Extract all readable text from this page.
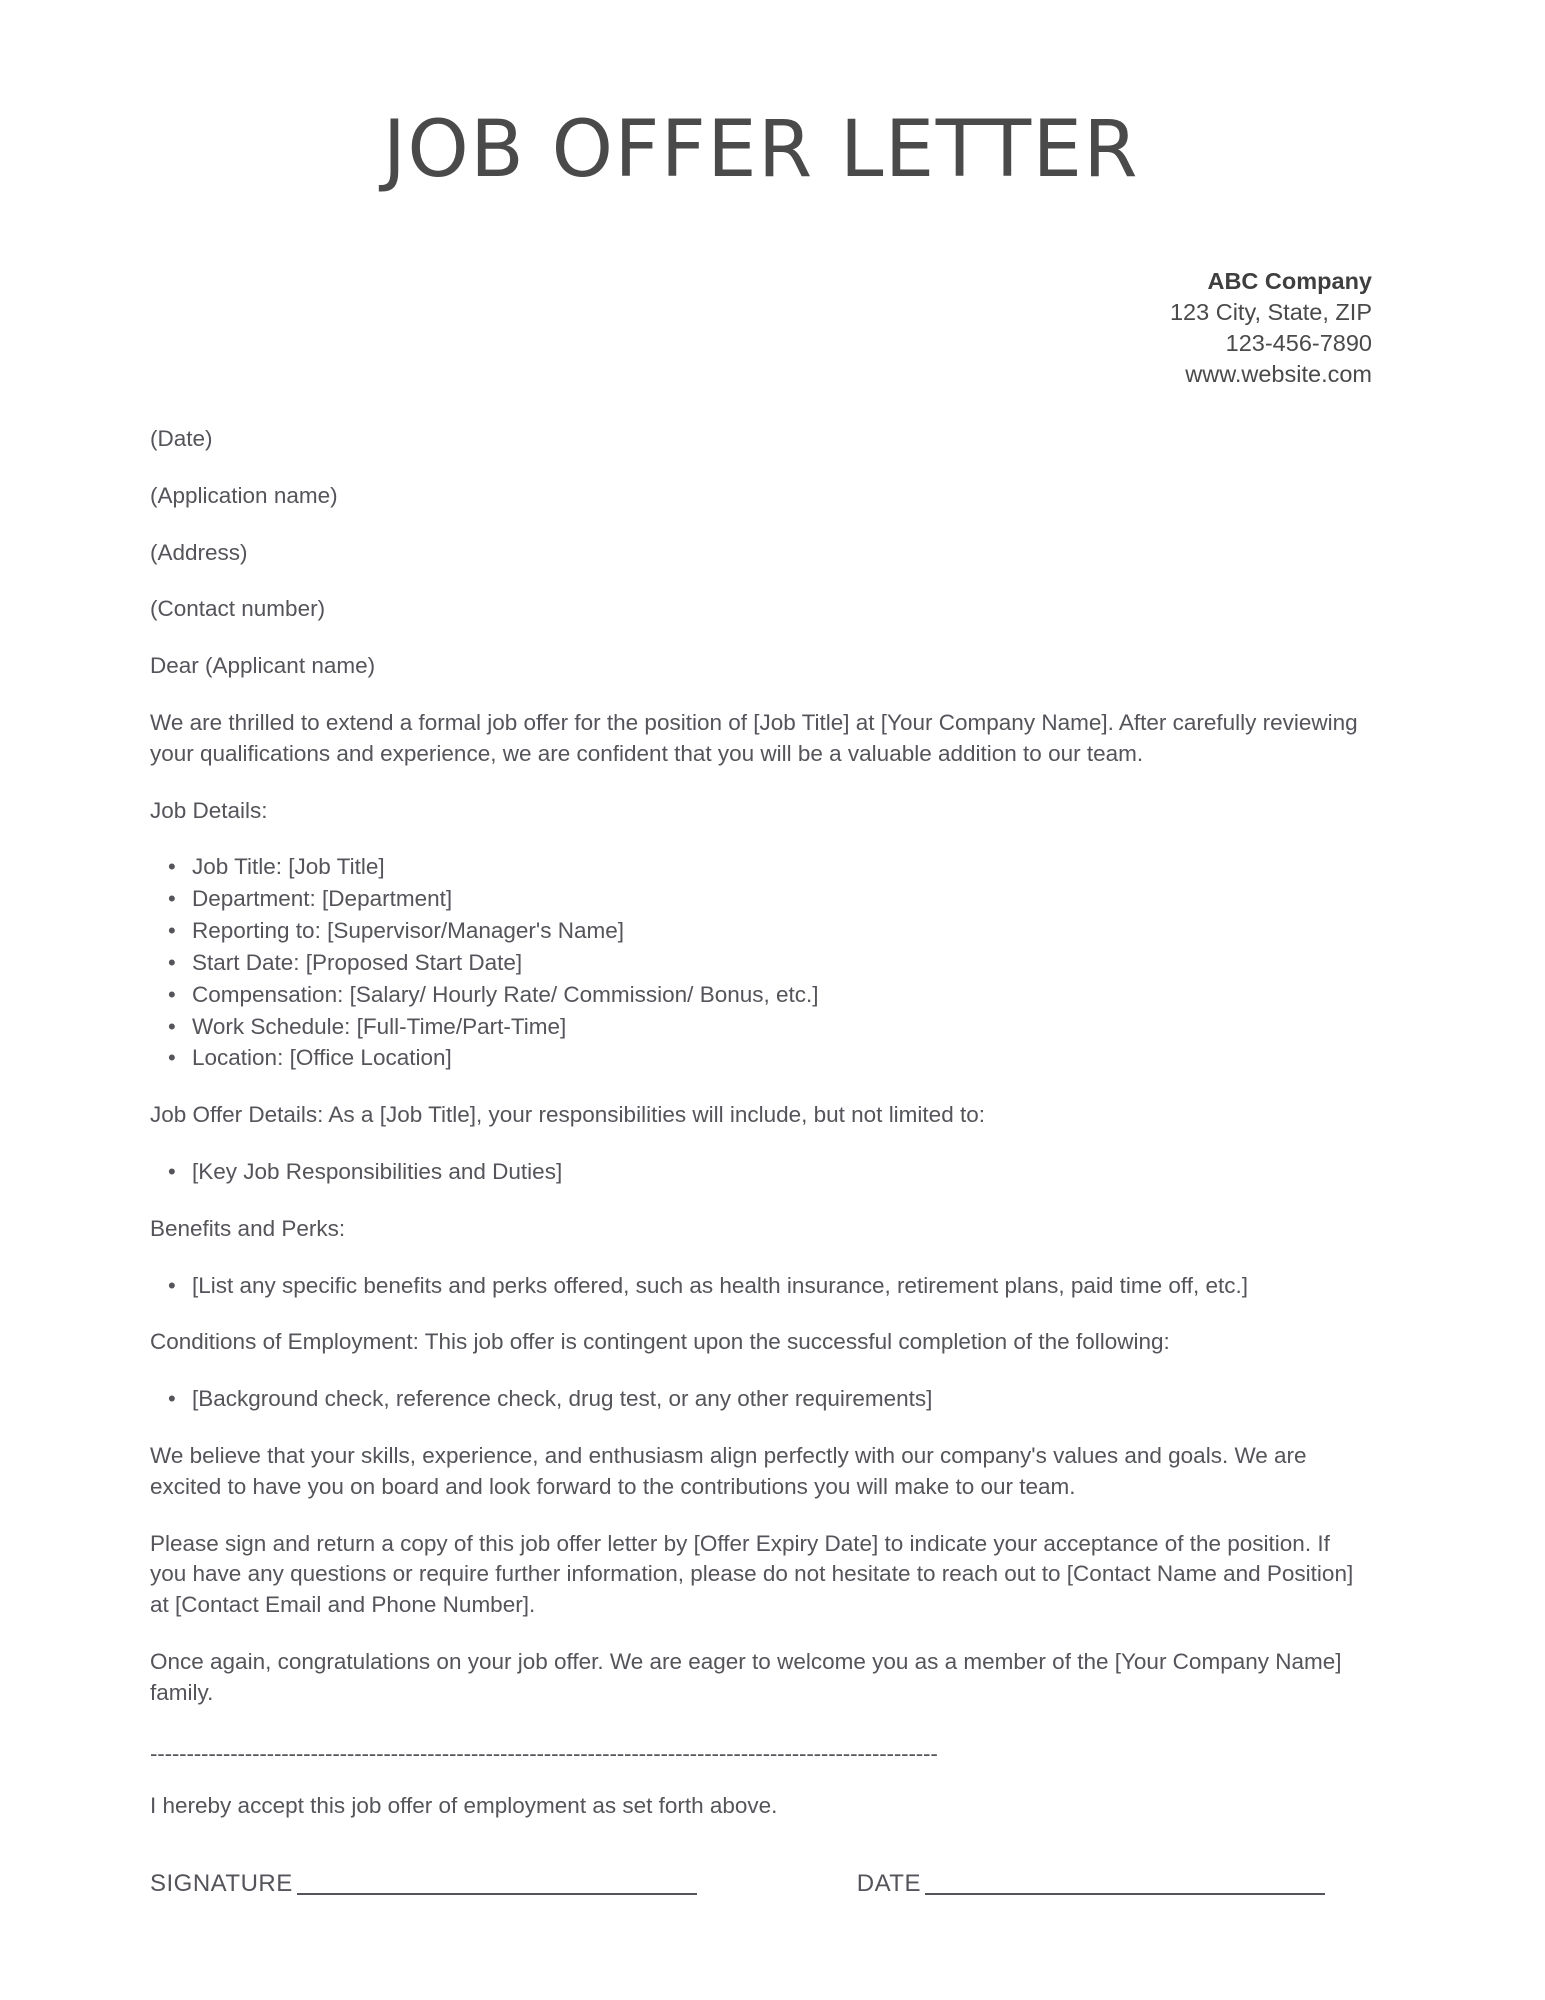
JOB OFFER LETTER
ABC Company
123 City, State, ZIP
123-456-7890
www.website.com

(Date)

(Application name)

(Address)

(Contact number)

Dear (Applicant name)

We are thrilled to extend a formal job offer for the position of [Job Title] at [Your Company Name]. After carefully reviewing your qualifications and experience, we are confident that you will be a valuable addition to our team.

Job Details:

• Job Title: [Job Title]
• Department: [Department]
• Reporting to: [Supervisor/Manager's Name]
• Start Date: [Proposed Start Date]
• Compensation: [Salary/ Hourly Rate/ Commission/ Bonus, etc.]
• Work Schedule: [Full-Time/Part-Time]
• Location: [Office Location]

Job Offer Details: As a [Job Title], your responsibilities will include, but not limited to:

• [Key Job Responsibilities and Duties]

Benefits and Perks:

• [List any specific benefits and perks offered, such as health insurance, retirement plans, paid time off, etc.]

Conditions of Employment: This job offer is contingent upon the successful completion of the following:

• [Background check, reference check, drug test, or any other requirements]

We believe that your skills, experience, and enthusiasm align perfectly with our company's values and goals. We are excited to have you on board and look forward to the contributions you will make to our team.

Please sign and return a copy of this job offer letter by [Offer Expiry Date] to indicate your acceptance of the position. If you have any questions or require further information, please do not hesitate to reach out to [Contact Name and Position] at [Contact Email and Phone Number].

Once again, congratulations on your job offer. We are eager to welcome you as a member of the [Your Company Name] family.

------------------------------------------------------------------------------------------------------------

I hereby accept this job offer of employment as set forth above.

SIGNATURE	DATE
